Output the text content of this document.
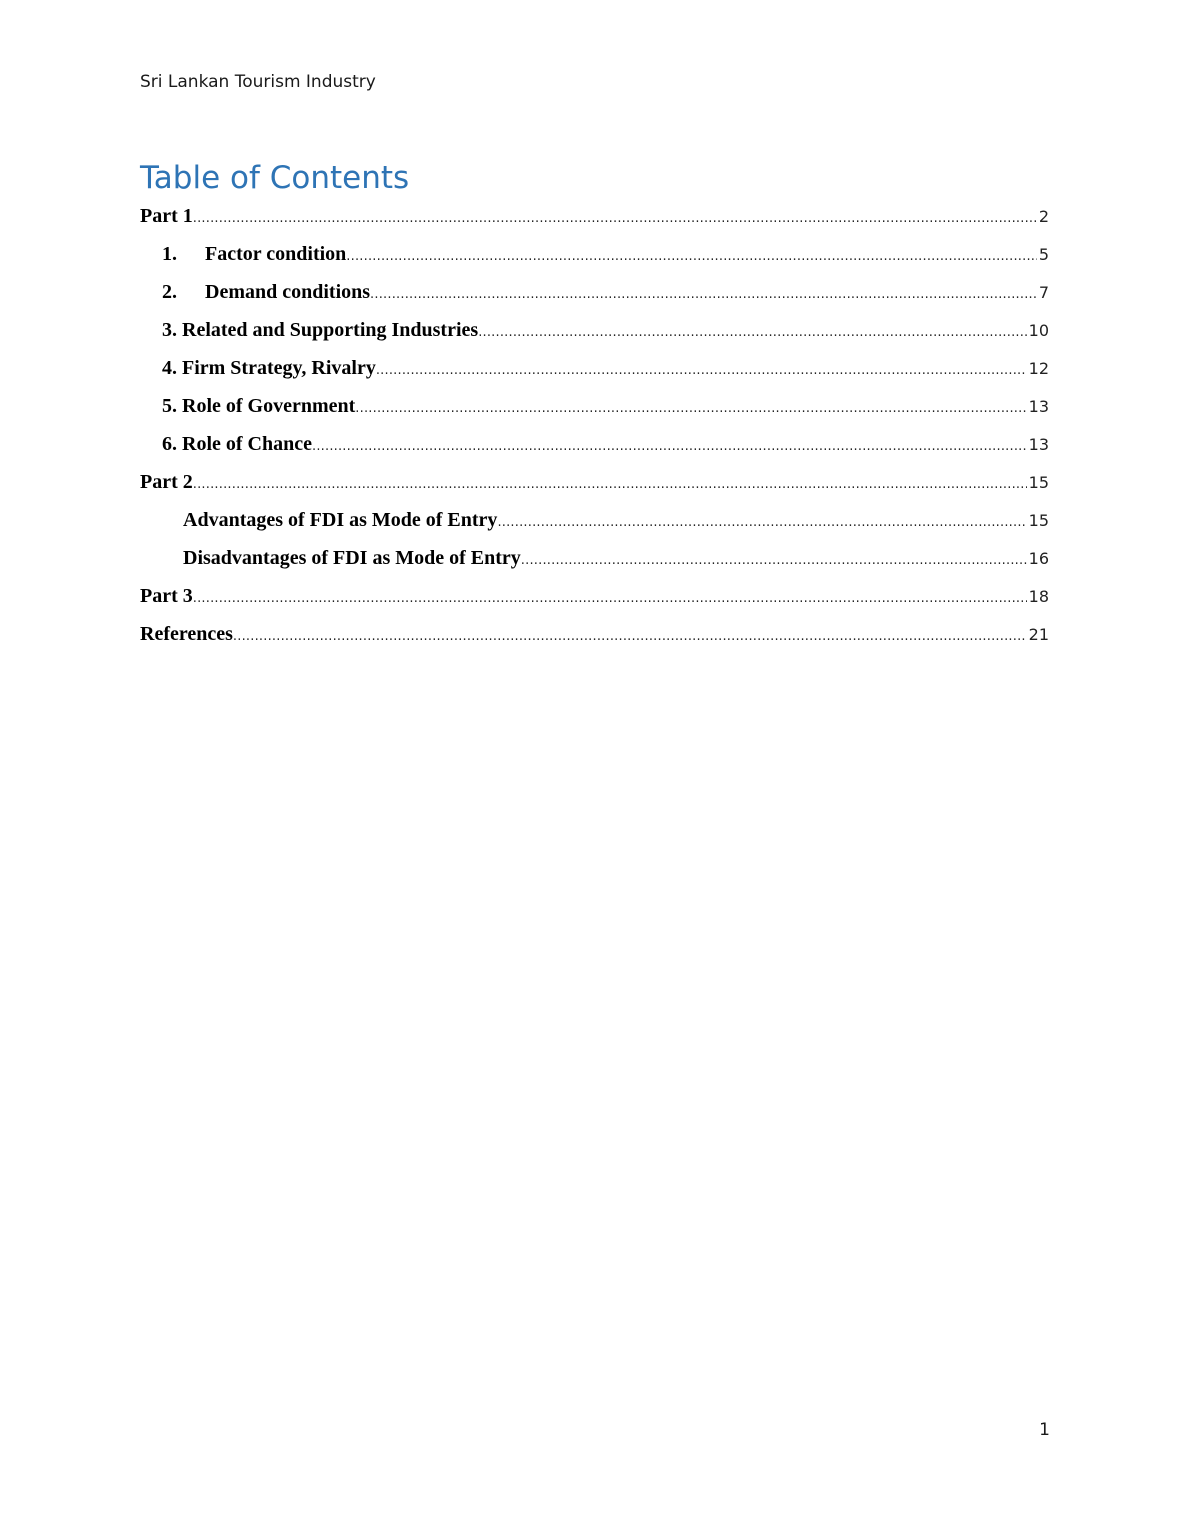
Sri Lankan Tourism Industry
Table of Contents
Part 1 .....	2
1.	Factor condition .....	5
2.	Demand conditions .....	7
3. Related and Supporting Industries .....	10
4. Firm Strategy, Rivalry .....	12
5. Role of Government .....	13
6. Role of Chance .....	13
Part 2 .....	15
Advantages of FDI as Mode of Entry .....	15
Disadvantages of FDI as Mode of Entry .....	16
Part 3 .....	18
References .....	21
1
